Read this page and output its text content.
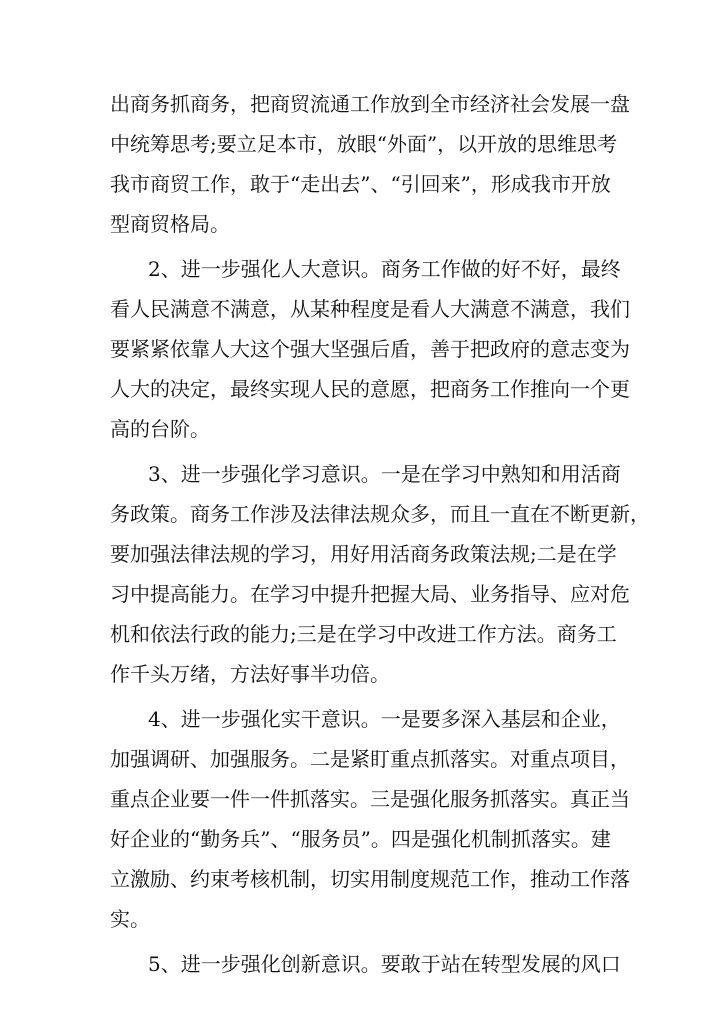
出商务抓商务，把商贸流通工作放到全市经济社会发展一盘
中统筹思考;要立足本市，放眼“外面”，以开放的思维思考
我市商贸工作，敢于“走出去”、“引回来”，形成我市开放
型商贸格局。
2、进一步强化人大意识。商务工作做的好不好，最终
看人民满意不满意，从某种程度是看人大满意不满意，我们
要紧紧依靠人大这个强大坚强后盾，善于把政府的意志变为
人大的决定，最终实现人民的意愿，把商务工作推向一个更
高的台阶。
3、进一步强化学习意识。一是在学习中熟知和用活商
务政策。商务工作涉及法律法规众多，而且一直在不断更新，
要加强法律法规的学习，用好用活商务政策法规;二是在学
习中提高能力。在学习中提升把握大局、业务指导、应对危
机和依法行政的能力;三是在学习中改进工作方法。商务工
作千头万绪，方法好事半功倍。
4、进一步强化实干意识。一是要多深入基层和企业，
加强调研、加强服务。二是紧盯重点抓落实。对重点项目，
重点企业要一件一件抓落实。三是强化服务抓落实。真正当
好企业的“勤务兵”、“服务员”。四是强化机制抓落实。建
立激励、约束考核机制，切实用制度规范工作，推动工作落
实。
5、进一步强化创新意识。要敢于站在转型发展的风口
